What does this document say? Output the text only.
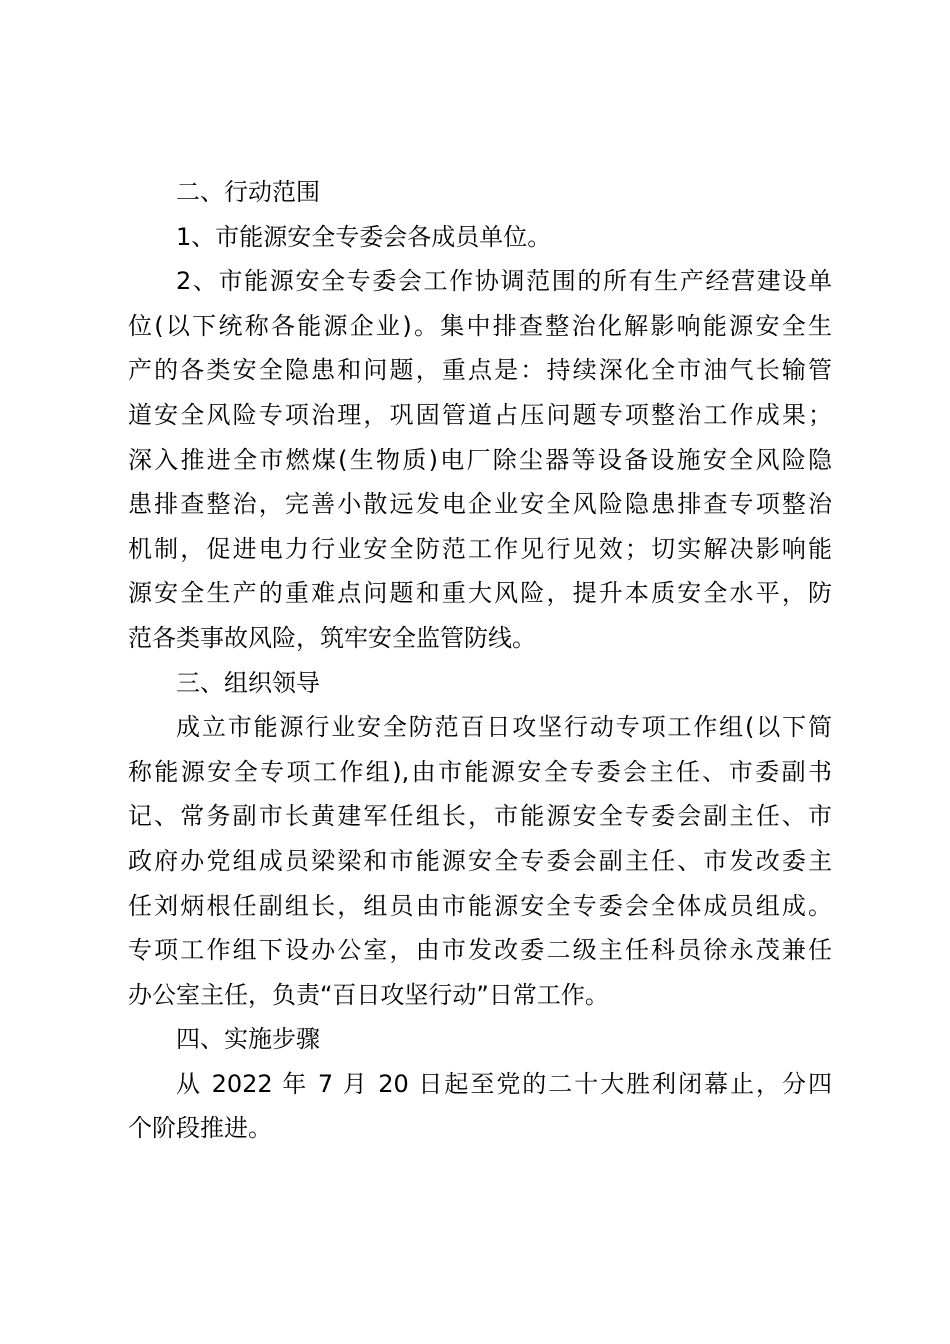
二、行动范围
1、市能源安全专委会各成员单位。
2、市能源安全专委会工作协调范围的所有生产经营建设单
位(以下统称各能源企业)。集中排查整治化解影响能源安全生
产的各类安全隐患和问题，重点是：持续深化全市油气长输管
道安全风险专项治理，巩固管道占压问题专项整治工作成果；
深入推进全市燃煤(生物质)电厂除尘器等设备设施安全风险隐
患排查整治，完善小散远发电企业安全风险隐患排查专项整治
机制，促进电力行业安全防范工作见行见效；切实解决影响能
源安全生产的重难点问题和重大风险，提升本质安全水平，防
范各类事故风险，筑牢安全监管防线。
三、组织领导
成立市能源行业安全防范百日攻坚行动专项工作组(以下简
称能源安全专项工作组),由市能源安全专委会主任、市委副书
记、常务副市长黄建军任组长，市能源安全专委会副主任、市
政府办党组成员梁梁和市能源安全专委会副主任、市发改委主
任刘炳根任副组长，组员由市能源安全专委会全体成员组成。
专项工作组下设办公室，由市发改委二级主任科员徐永茂兼任
办公室主任，负责“百日攻坚行动”日常工作。
四、实施步骤
从 2022 年 7 月 20 日起至党的二十大胜利闭幕止，分四
个阶段推进。
